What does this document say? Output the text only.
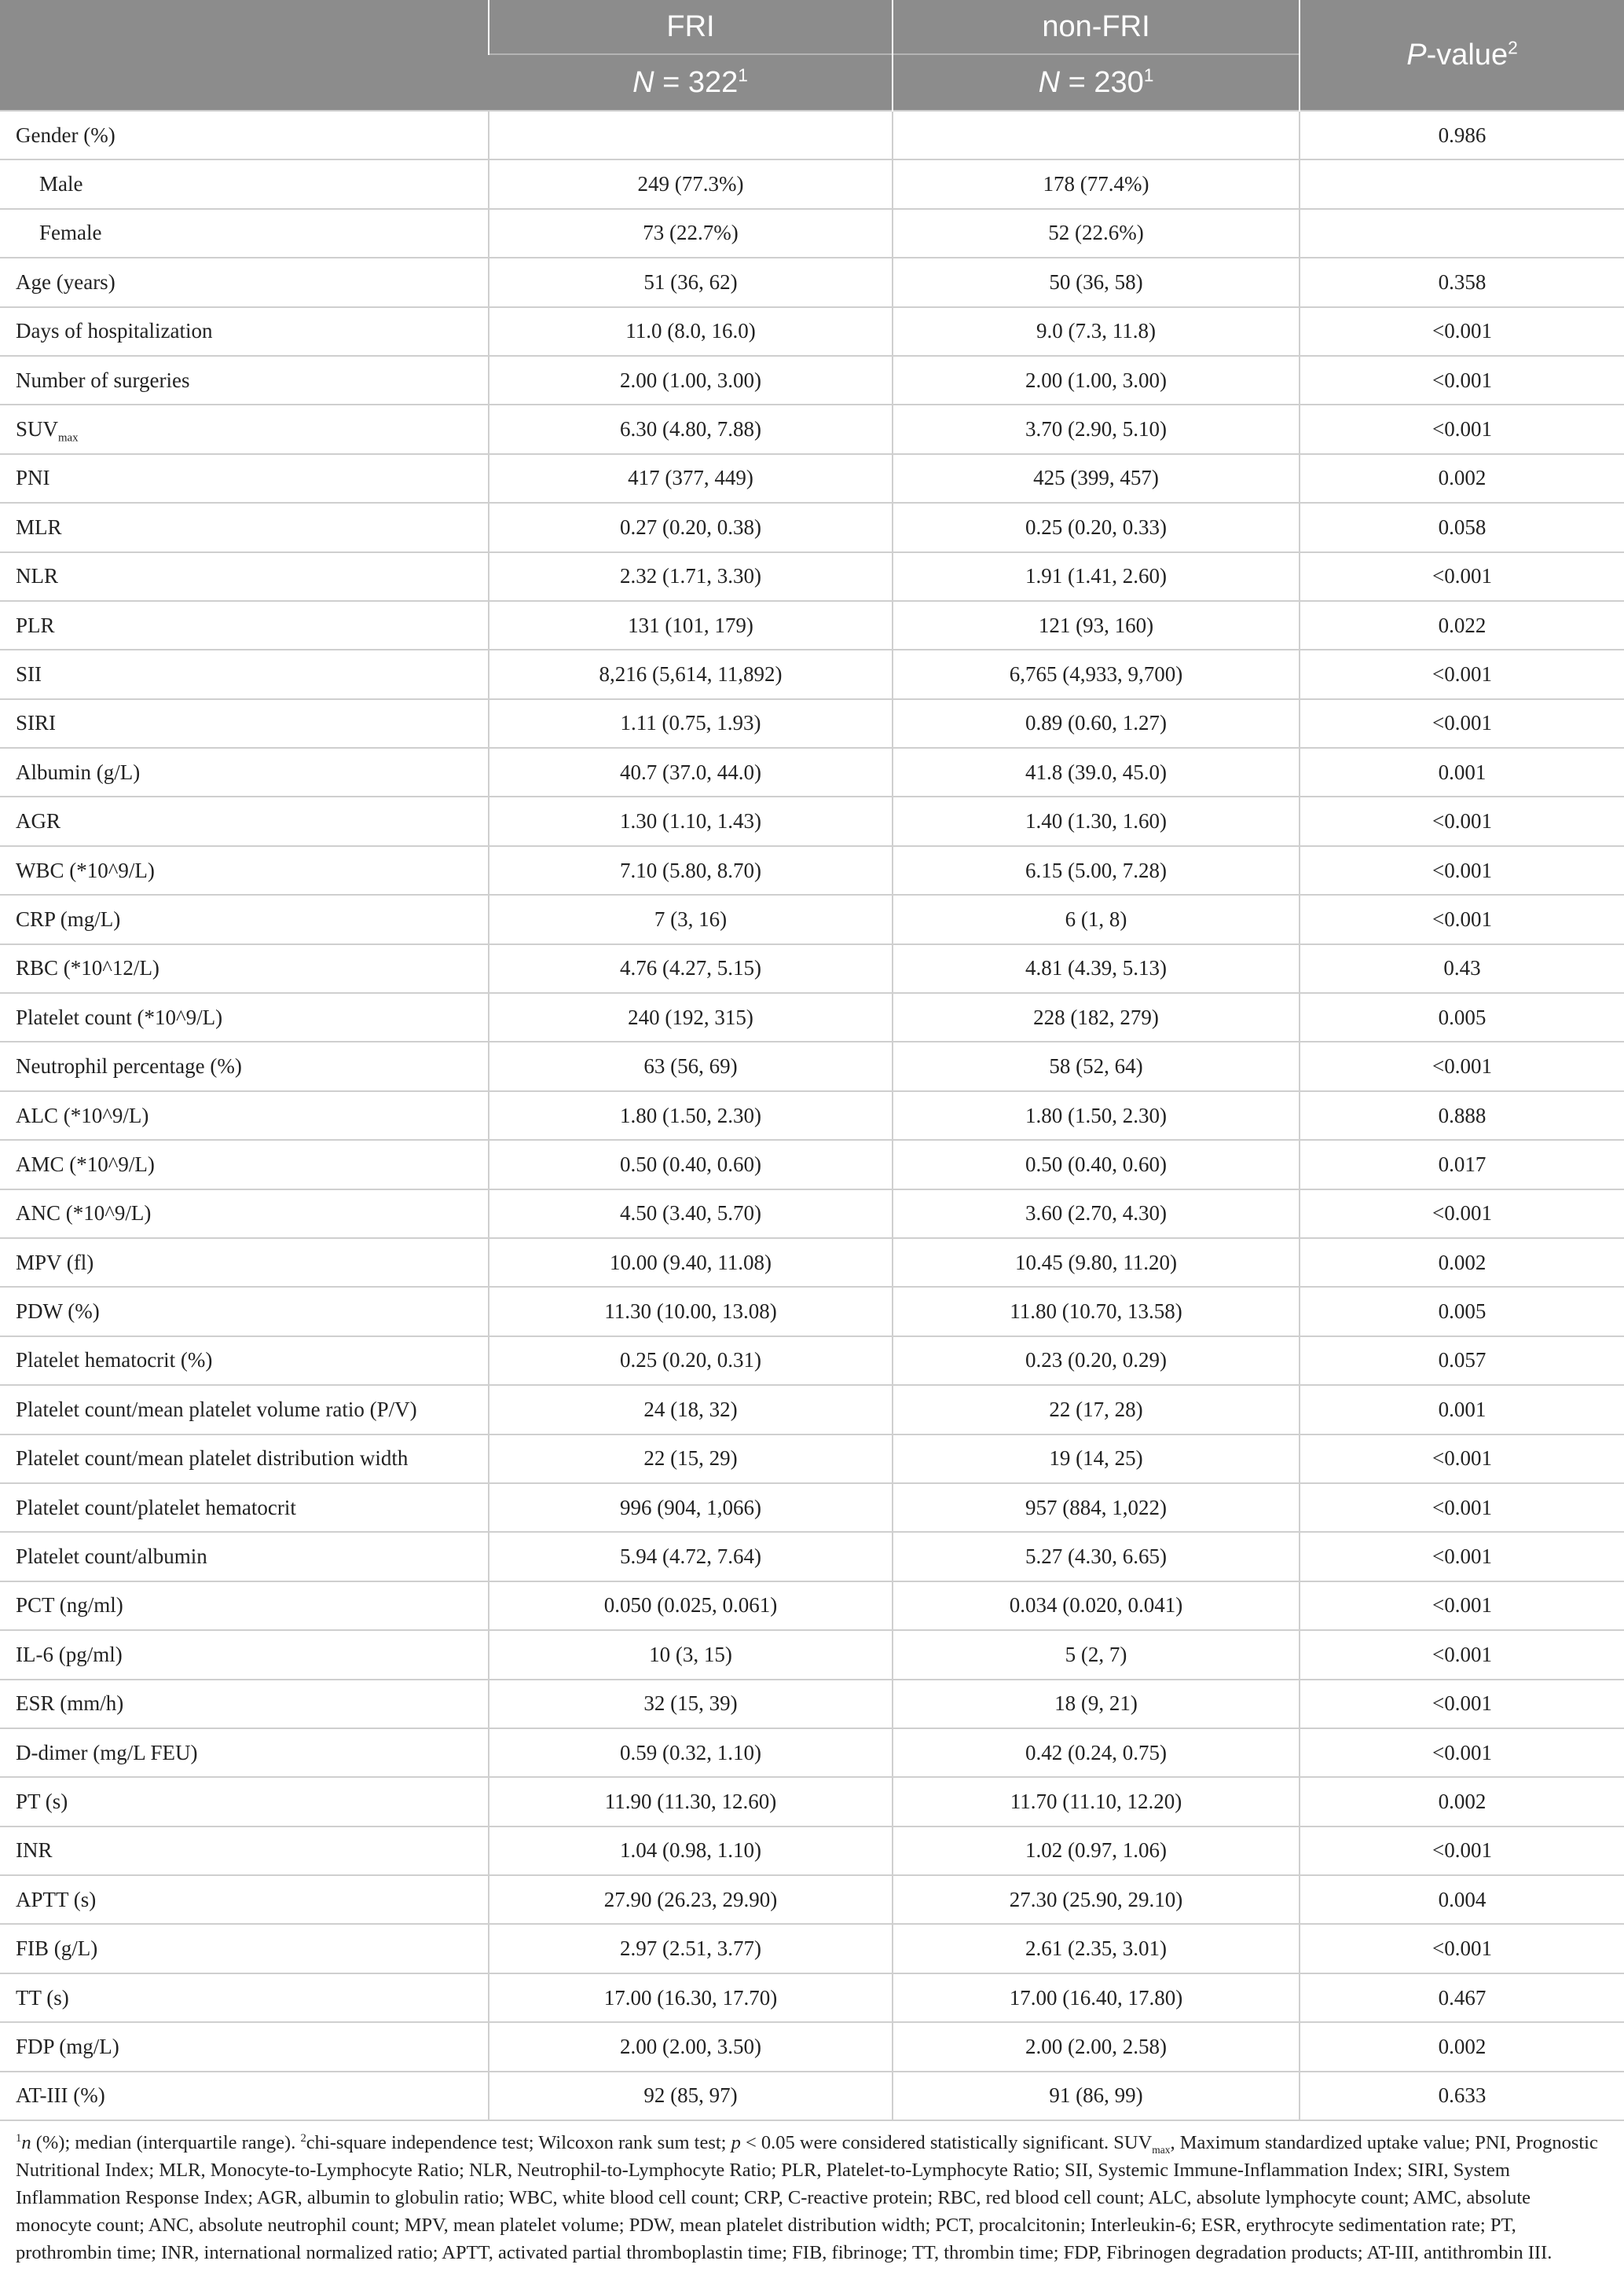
	FRI	non-FRI	P-value$^2$
	$N = 322^1$	$N = 230^1$
Gender (%)			0.986
Male	249 (77.3%)	178 (77.4%)	
Female	73 (22.7%)	52 (22.6%)	
Age (years)	51 (36, 62)	50 (36, 58)	0.358
Days of hospitalization	11.0 (8.0, 16.0)	9.0 (7.3, 11.8)	<0.001
Number of surgeries	2.00 (1.00, 3.00)	2.00 (1.00, 3.00)	<0.001
$SUV_{max}$	6.30 (4.80, 7.88)	3.70 (2.90, 5.10)	<0.001
PNI	417 (377, 449)	425 (399, 457)	0.002
MLR	0.27 (0.20, 0.38)	0.25 (0.20, 0.33)	0.058
NLR	2.32 (1.71, 3.30)	1.91 (1.41, 2.60)	<0.001
PLR	131 (101, 179)	121 (93, 160)	0.022
SII	8,216 (5,614, 11,892)	6,765 (4,933, 9,700)	<0.001
SIRI	1.11 (0.75, 1.93)	0.89 (0.60, 1.27)	<0.001
Albumin (g/L)	40.7 (37.0, 44.0)	41.8 (39.0, 45.0)	0.001
AGR	1.30 (1.10, 1.43)	1.40 (1.30, 1.60)	<0.001
WBC (*10^9/L)	7.10 (5.80, 8.70)	6.15 (5.00, 7.28)	<0.001
CRP (mg/L)	7 (3, 16)	6 (1, 8)	<0.001
RBC (*10^12/L)	4.76 (4.27, 5.15)	4.81 (4.39, 5.13)	0.43
Platelet count (*10^9/L)	240 (192, 315)	228 (182, 279)	0.005
Neutrophil percentage (%)	63 (56, 69)	58 (52, 64)	<0.001
ALC (*10^9/L)	1.80 (1.50, 2.30)	1.80 (1.50, 2.30)	0.888
AMC (*10^9/L)	0.50 (0.40, 0.60)	0.50 (0.40, 0.60)	0.017
ANC (*10^9/L)	4.50 (3.40, 5.70)	3.60 (2.70, 4.30)	<0.001
MPV (fl)	10.00 (9.40, 11.08)	10.45 (9.80, 11.20)	0.002
PDW (%)	11.30 (10.00, 13.08)	11.80 (10.70, 13.58)	0.005
Platelet hematocrit (%)	0.25 (0.20, 0.31)	0.23 (0.20, 0.29)	0.057
Platelet count/mean platelet volume ratio (P/V)	24 (18, 32)	22 (17, 28)	0.001
Platelet count/mean platelet distribution width	22 (15, 29)	19 (14, 25)	<0.001
Platelet count/platelet hematocrit	996 (904, 1,066)	957 (884, 1,022)	<0.001
Platelet count/albumin	5.94 (4.72, 7.64)	5.27 (4.30, 6.65)	<0.001
PCT (ng/ml)	0.050 (0.025, 0.061)	0.034 (0.020, 0.041)	<0.001
IL-6 (pg/ml)	10 (3, 15)	5 (2, 7)	<0.001
ESR (mm/h)	32 (15, 39)	18 (9, 21)	<0.001
D-dimer (mg/L FEU)	0.59 (0.32, 1.10)	0.42 (0.24, 0.75)	<0.001
PT (s)	11.90 (11.30, 12.60)	11.70 (11.10, 12.20)	0.002
INR	1.04 (0.98, 1.10)	1.02 (0.97, 1.06)	<0.001
APTT (s)	27.90 (26.23, 29.90)	27.30 (25.90, 29.10)	0.004
FIB (g/L)	2.97 (2.51, 3.77)	2.61 (2.35, 3.01)	<0.001
TT (s)	17.00 (16.30, 17.70)	17.00 (16.40, 17.80)	0.467
FDP (mg/L)	2.00 (2.00, 3.50)	2.00 (2.00, 2.58)	0.002
AT-III (%)	92 (85, 97)	91 (86, 99)	0.633
$^1$n (%); median (interquartile range). $^2$chi-square independence test; Wilcoxon rank sum test; p < 0.05 were considered statistically significant. $SUV_{max}$, Maximum standardized uptake value; PNI, Prognostic Nutritional Index; MLR, Monocyte-to-Lymphocyte Ratio; NLR, Neutrophil-to-Lymphocyte Ratio; PLR, Platelet-to-Lymphocyte Ratio; SII, Systemic Immune-Inflammation Index; SIRI, System Inflammation Response Index; AGR, albumin to globulin ratio; WBC, white blood cell count; CRP, C-reactive protein; RBC, red blood cell count; ALC, absolute lymphocyte count; AMC, absolute monocyte count; ANC, absolute neutrophil count; MPV, mean platelet volume; PDW, mean platelet distribution width; PCT, procalcitonin; Interleukin-6; ESR, erythrocyte sedimentation rate; PT, prothrombin time; INR, international normalized ratio; APTT, activated partial thromboplastin time; FIB, fibrinoge; TT, thrombin time; FDP, Fibrinogen degradation products; AT-III, antithrombin III.
